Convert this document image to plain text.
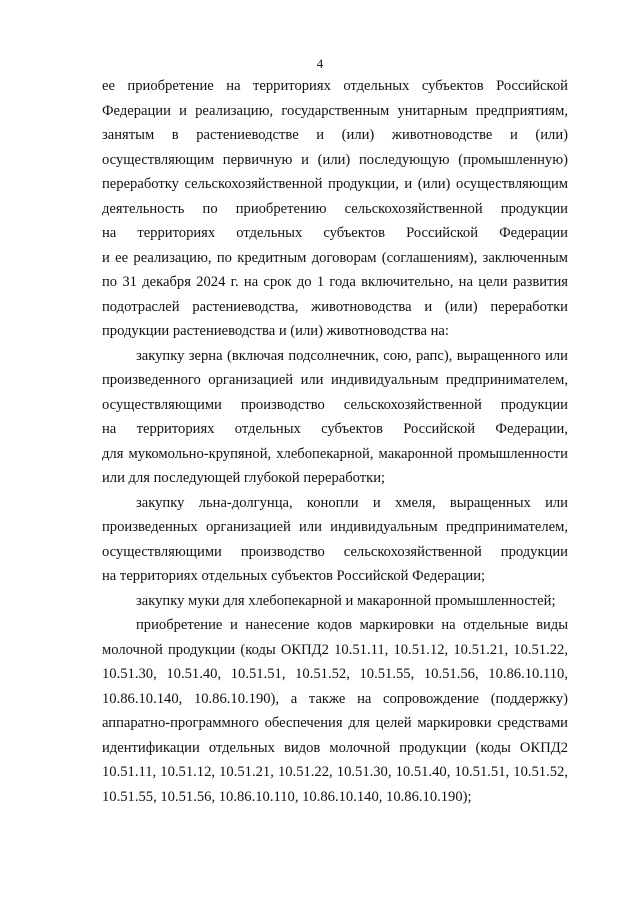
4
ее приобретение на территориях отдельных субъектов Российской
Федерации и реализацию, государственным унитарным предприятиям,
занятым в растениеводстве и (или) животноводстве и (или)
осуществляющим первичную и (или) последующую (промышленную)
переработку сельскохозяйственной продукции, и (или) осуществляющим
деятельность по приобретению сельскохозяйственной продукции
на территориях отдельных субъектов Российской Федерации
и ее реализацию, по кредитным договорам (соглашениям), заключенным
по 31 декабря 2024 г. на срок до 1 года включительно, на цели развития
подотраслей растениеводства, животноводства и (или) переработки
продукции растениеводства и (или) животноводства на:
закупку зерна (включая подсолнечник, сою, рапс), выращенного или
произведенного организацией или индивидуальным предпринимателем,
осуществляющими производство сельскохозяйственной продукции
на территориях отдельных субъектов Российской Федерации,
для мукомольно-крупяной, хлебопекарной, макаронной промышленности
или для последующей глубокой переработки;
закупку льна-долгунца, конопли и хмеля, выращенных или
произведенных организацией или индивидуальным предпринимателем,
осуществляющими производство сельскохозяйственной продукции
на территориях отдельных субъектов Российской Федерации;
закупку муки для хлебопекарной и макаронной промышленностей;
приобретение и нанесение кодов маркировки на отдельные виды
молочной продукции (коды ОКПД2 10.51.11, 10.51.12, 10.51.21, 10.51.22,
10.51.30, 10.51.40, 10.51.51, 10.51.52, 10.51.55, 10.51.56, 10.86.10.110,
10.86.10.140, 10.86.10.190), а также на сопровождение (поддержку)
аппаратно-программного обеспечения для целей маркировки средствами
идентификации отдельных видов молочной продукции (коды ОКПД2
10.51.11, 10.51.12, 10.51.21, 10.51.22, 10.51.30, 10.51.40, 10.51.51, 10.51.52,
10.51.55, 10.51.56, 10.86.10.110, 10.86.10.140, 10.86.10.190);
